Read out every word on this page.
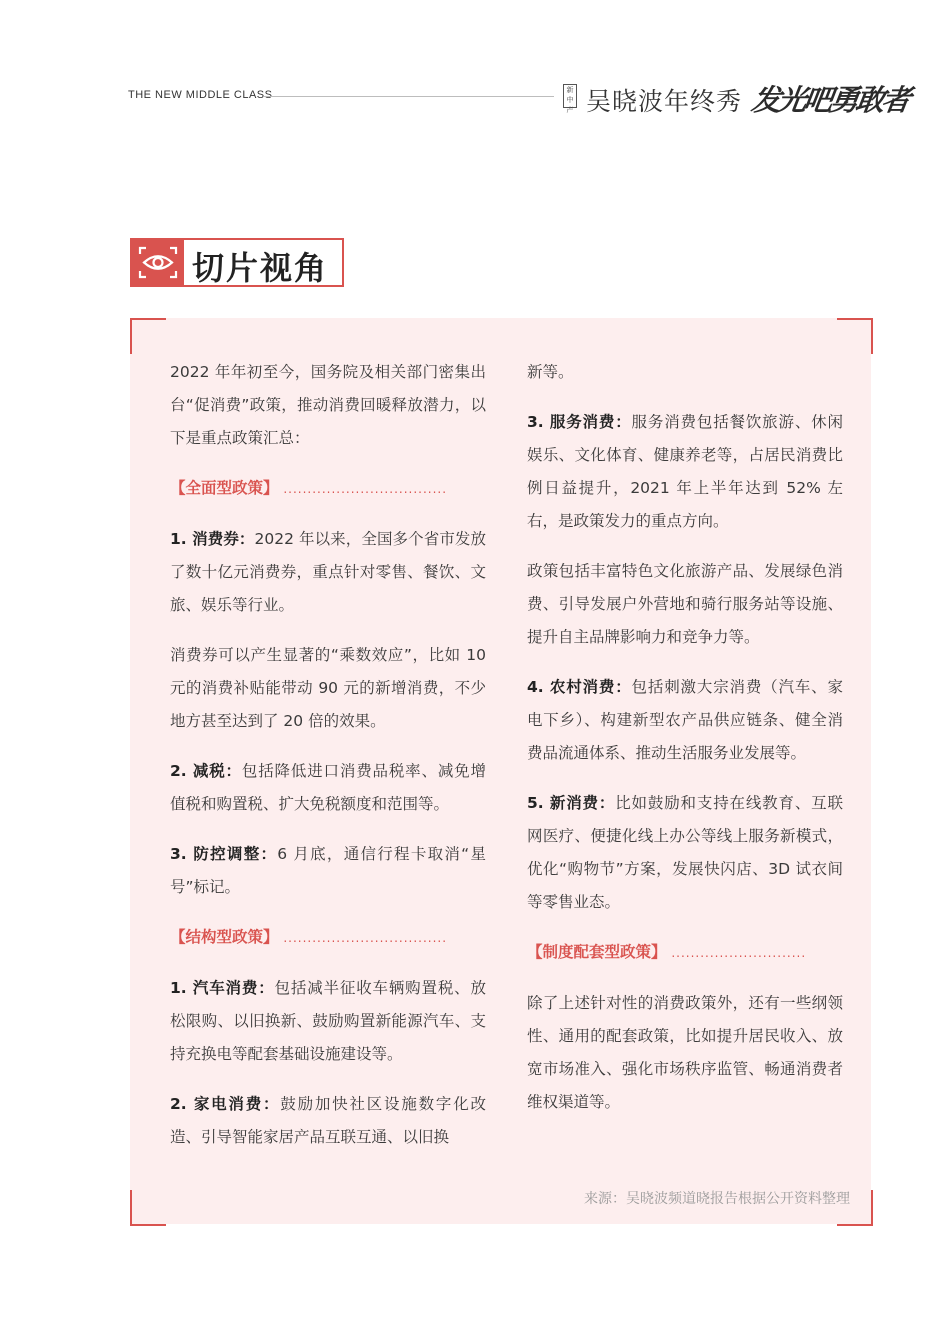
THE NEW MIDDLE CLASS	新中产 吴晓波年终秀 发光吧勇敢者
切片视角

2022 年年初至今，国务院及相关部门密集出台“促消费”政策，推动消费回暖释放潜力，以下是重点政策汇总：

【全面型政策】 ..................................

1. 消费券：2022 年以来，全国多个省市发放了数十亿元消费券，重点针对零售、餐饮、文旅、娱乐等行业。

消费券可以产生显著的“乘数效应”，比如 10 元的消费补贴能带动 90 元的新增消费，不少地方甚至达到了 20 倍的效果。

2. 减税：包括降低进口消费品税率、减免增值税和购置税、扩大免税额度和范围等。

3. 防控调整：6 月底，通信行程卡取消“星号”标记。

【结构型政策】 ..................................

1. 汽车消费：包括减半征收车辆购置税、放松限购、以旧换新、鼓励购置新能源汽车、支持充换电等配套基础设施建设等。

2. 家电消费：鼓励加快社区设施数字化改造、引导智能家居产品互联互通、以旧换

新等。

3. 服务消费：服务消费包括餐饮旅游、休闲娱乐、文化体育、健康养老等，占居民消费比例日益提升，2021 年上半年达到 52% 左右，是政策发力的重点方向。

政策包括丰富特色文化旅游产品、发展绿色消费、引导发展户外营地和骑行服务站等设施、提升自主品牌影响力和竞争力等。

4. 农村消费：包括刺激大宗消费（汽车、家电下乡）、构建新型农产品供应链条、健全消费品流通体系、推动生活服务业发展等。

5. 新消费：比如鼓励和支持在线教育、互联网医疗、便捷化线上办公等线上服务新模式，优化“购物节”方案，发展快闪店、3D 试衣间等零售业态。

【制度配套型政策】 ............................

除了上述针对性的消费政策外，还有一些纲领性、通用的配套政策，比如提升居民收入、放宽市场准入、强化市场秩序监管、畅通消费者维权渠道等。

来源：吴晓波频道晓报告根据公开资料整理
